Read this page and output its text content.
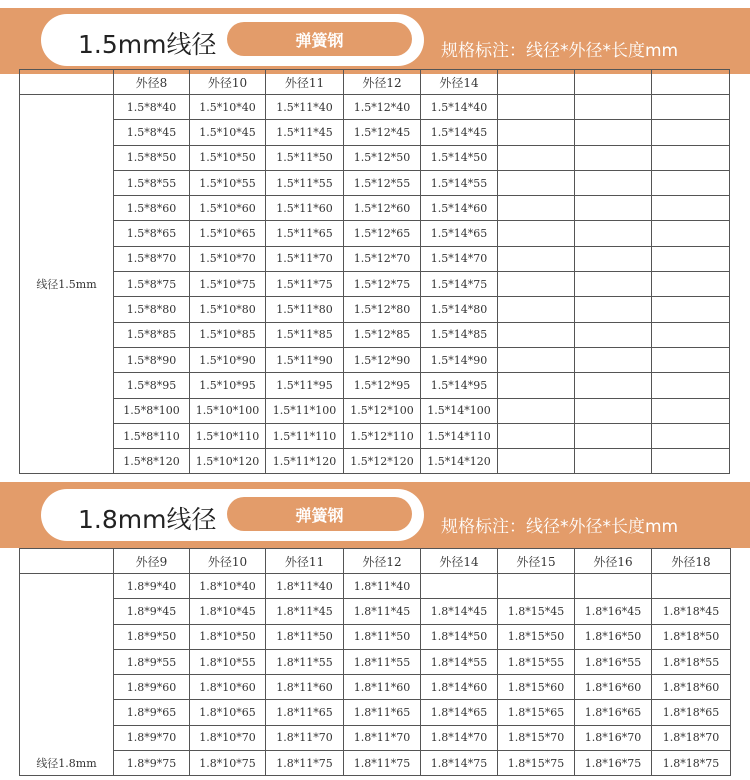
1.5mm线径	弹簧钢
规格标注：线径*外径*长度mm
	外径8	外径10	外径11	外径12	外径14				
线径1.5mm	1.5*8*40	1.5*10*40	1.5*11*40	1.5*12*40	1.5*14*40				
	1.5*8*45	1.5*10*45	1.5*11*45	1.5*12*45	1.5*14*45				
	1.5*8*50	1.5*10*50	1.5*11*50	1.5*12*50	1.5*14*50				
	1.5*8*55	1.5*10*55	1.5*11*55	1.5*12*55	1.5*14*55				
	1.5*8*60	1.5*10*60	1.5*11*60	1.5*12*60	1.5*14*60				
	1.5*8*65	1.5*10*65	1.5*11*65	1.5*12*65	1.5*14*65				
	1.5*8*70	1.5*10*70	1.5*11*70	1.5*12*70	1.5*14*70				
	1.5*8*75	1.5*10*75	1.5*11*75	1.5*12*75	1.5*14*75				
	1.5*8*80	1.5*10*80	1.5*11*80	1.5*12*80	1.5*14*80				
	1.5*8*85	1.5*10*85	1.5*11*85	1.5*12*85	1.5*14*85				
	1.5*8*90	1.5*10*90	1.5*11*90	1.5*12*90	1.5*14*90				
	1.5*8*95	1.5*10*95	1.5*11*95	1.5*12*95	1.5*14*95				
	1.5*8*100	1.5*10*100	1.5*11*100	1.5*12*100	1.5*14*100				
	1.5*8*110	1.5*10*110	1.5*11*110	1.5*12*110	1.5*14*110				
	1.5*8*120	1.5*10*120	1.5*11*120	1.5*12*120	1.5*14*120				
1.8mm线径	弹簧钢
规格标注：线径*外径*长度mm
	外径9	外径10	外径11	外径12	外径14	外径15	外径16	外径18
线径1.8mm	1.8*9*40	1.8*10*40	1.8*11*40	1.8*11*40				
	1.8*9*45	1.8*10*45	1.8*11*45	1.8*11*45	1.8*14*45	1.8*15*45	1.8*16*45	1.8*18*45
	1.8*9*50	1.8*10*50	1.8*11*50	1.8*11*50	1.8*14*50	1.8*15*50	1.8*16*50	1.8*18*50
	1.8*9*55	1.8*10*55	1.8*11*55	1.8*11*55	1.8*14*55	1.8*15*55	1.8*16*55	1.8*18*55
	1.8*9*60	1.8*10*60	1.8*11*60	1.8*11*60	1.8*14*60	1.8*15*60	1.8*16*60	1.8*18*60
	1.8*9*65	1.8*10*65	1.8*11*65	1.8*11*65	1.8*14*65	1.8*15*65	1.8*16*65	1.8*18*65
	1.8*9*70	1.8*10*70	1.8*11*70	1.8*11*70	1.8*14*70	1.8*15*70	1.8*16*70	1.8*18*70
	1.8*9*75	1.8*10*75	1.8*11*75	1.8*11*75	1.8*14*75	1.8*15*75	1.8*16*75	1.8*18*75
